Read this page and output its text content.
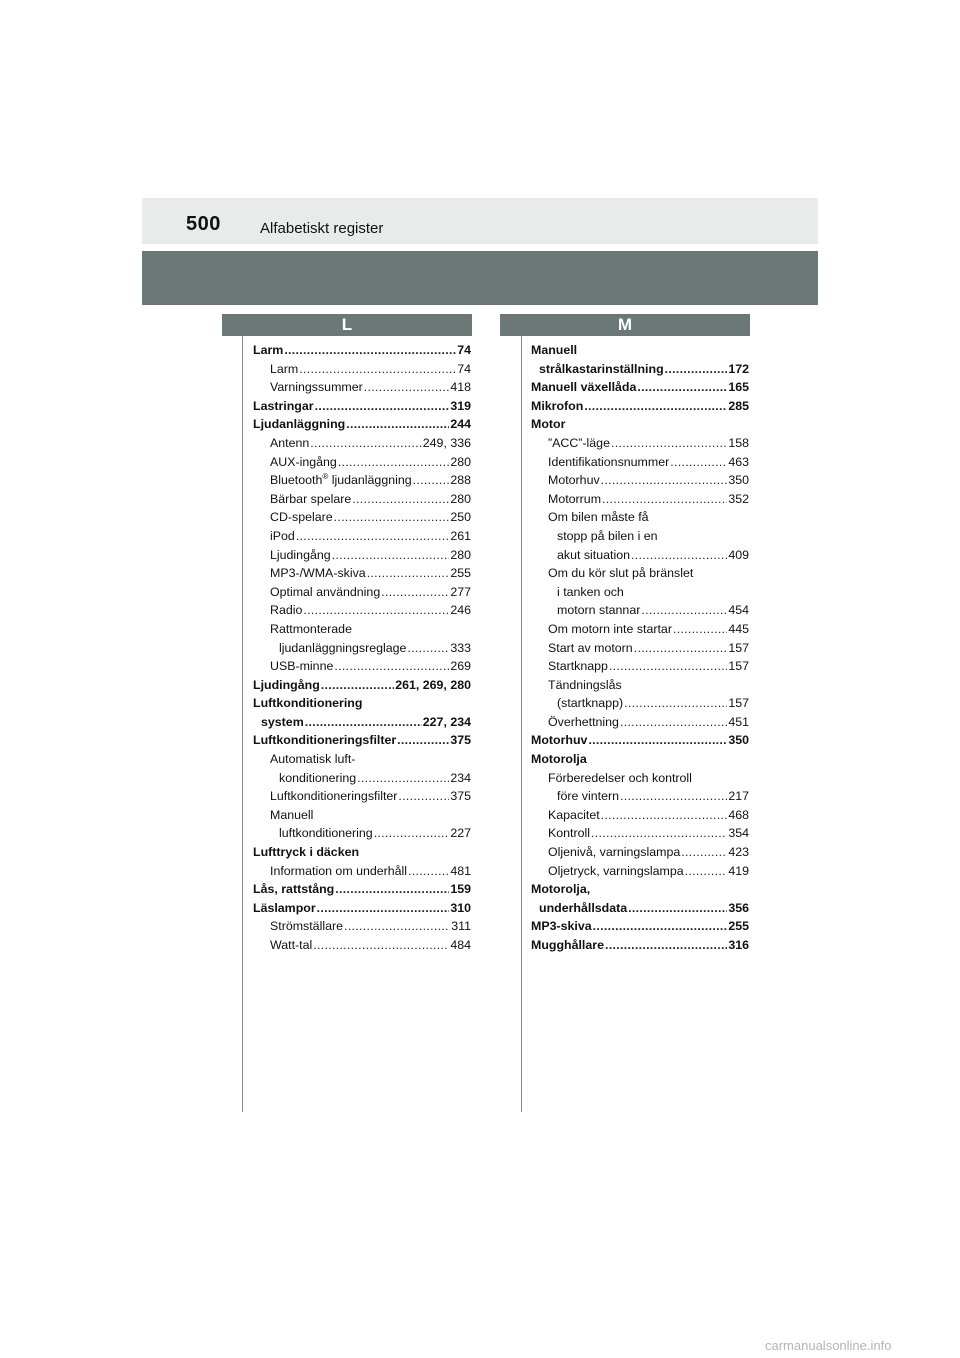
500	Alfabetiskt register
L	M
Larm .....	74
Larm .....	74
Varningssummer .....	418
Lastringar .....	319
Ljudanläggning .....	244
Antenn .....	249, 336
AUX-ingång .....	280
Bluetooth® ljudanläggning .....	288
Bärbar spelare .....	280
CD-spelare .....	250
iPod .....	261
Ljudingång .....	280
MP3-/WMA-skiva .....	255
Optimal användning .....	277
Radio .....	246
Rattmonterade
ljudanläggningsreglage .....	333
USB-minne .....	269
Ljudingång .....	261, 269, 280
Luftkonditionering
system .....	227, 234
Luftkonditioneringsfilter .....	375
Automatisk luft-
konditionering .....	234
Luftkonditioneringsfilter .....	375
Manuell
luftkonditionering .....	227
Lufttryck i däcken
Information om underhåll .....	481
Lås, rattstång .....	159
Läslampor .....	310
Strömställare .....	311
Watt-tal .....	484
Manuell
strålkastarinställning .....	172
Manuell växellåda .....	165
Mikrofon .....	285
Motor
”ACC”-läge .....	158
Identifikationsnummer .....	463
Motorhuv .....	350
Motorrum .....	352
Om bilen måste få
stopp på bilen i en
akut situation .....	409
Om du kör slut på bränslet
i tanken och
motorn stannar .....	454
Om motorn inte startar .....	445
Start av motorn .....	157
Startknapp .....	157
Tändningslås
(startknapp) .....	157
Överhettning .....	451
Motorhuv .....	350
Motorolja
Förberedelser och kontroll
före vintern .....	217
Kapacitet .....	468
Kontroll .....	354
Oljenivå, varningslampa .....	423
Oljetryck, varningslampa .....	419
Motorolja,
underhållsdata .....	356
MP3-skiva .....	255
Mugghållare .....	316
carmanualsonline.info
